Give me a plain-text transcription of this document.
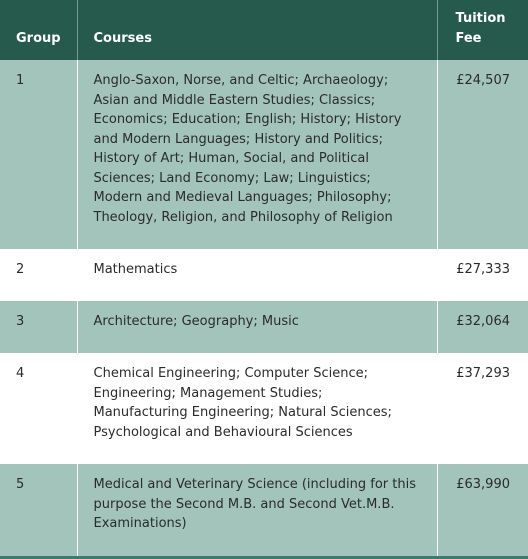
Group	Courses	Tuition Fee
1	Anglo-Saxon, Norse, and Celtic; Archaeology; Asian and Middle Eastern Studies; Classics; Economics; Education; English; History; History and Modern Languages; History and Politics; History of Art; Human, Social, and Political Sciences; Land Economy; Law; Linguistics; Modern and Medieval Languages; Philosophy; Theology, Religion, and Philosophy of Religion	£24,507
2	Mathematics	£27,333
3	Architecture; Geography; Music	£32,064
4	Chemical Engineering; Computer Science; Engineering; Management Studies; Manufacturing Engineering; Natural Sciences; Psychological and Behavioural Sciences	£37,293
5	Medical and Veterinary Science (including for this purpose the Second M.B. and Second Vet.M.B. Examinations)	£63,990
